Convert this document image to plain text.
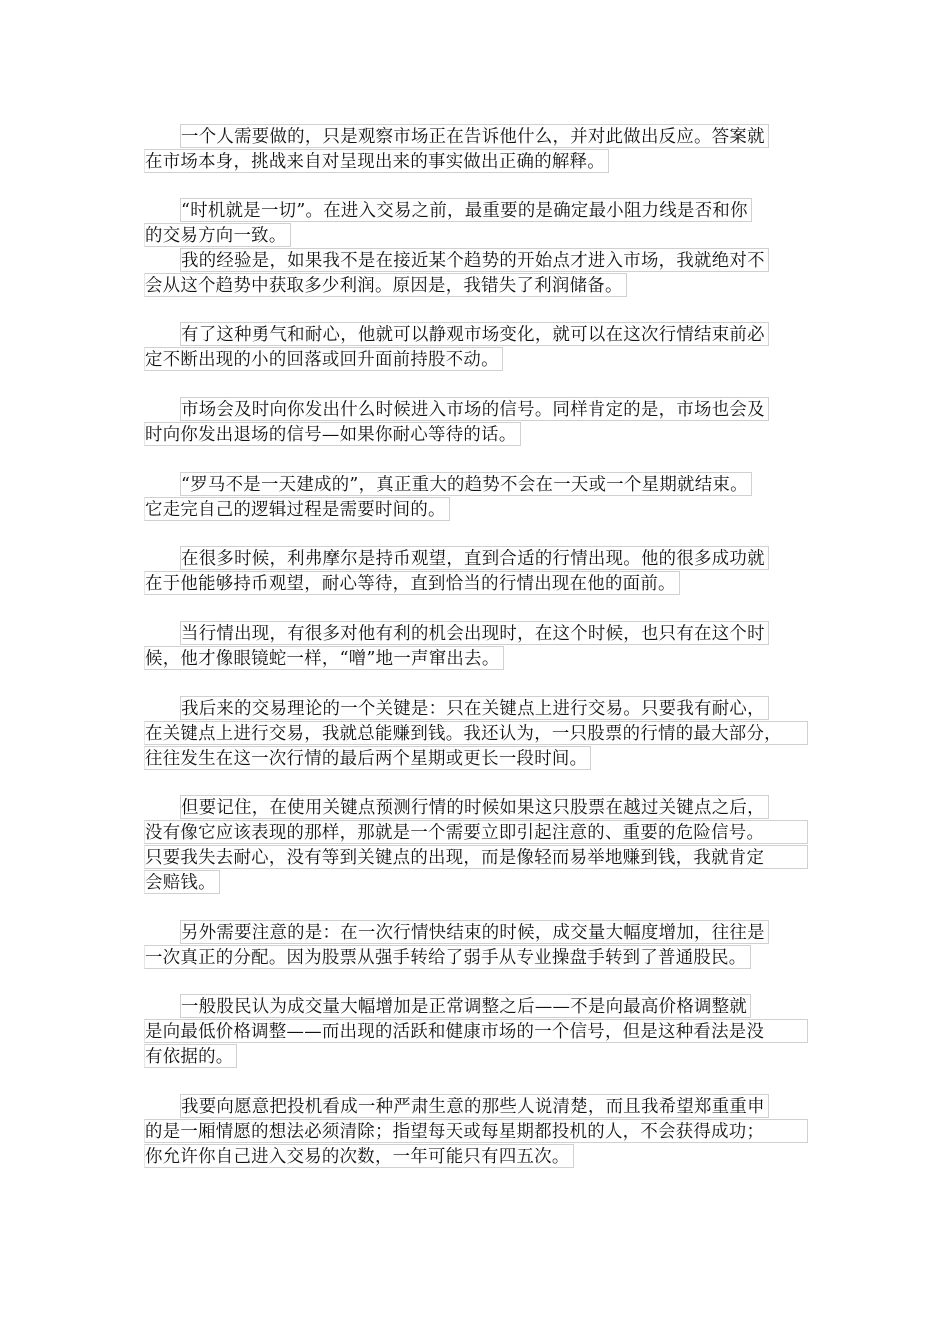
一个人需要做的，只是观察市场正在告诉他什么，并对此做出反应。答案就
在市场本身，挑战来自对呈现出来的事实做出正确的解释。
“时机就是一切”。在进入交易之前，最重要的是确定最小阻力线是否和你
的交易方向一致。
我的经验是，如果我不是在接近某个趋势的开始点才进入市场，我就绝对不
会从这个趋势中获取多少利润。原因是，我错失了利润储备。
有了这种勇气和耐心，他就可以静观市场变化，就可以在这次行情结束前必
定不断出现的小的回落或回升面前持股不动。
市场会及时向你发出什么时候进入市场的信号。同样肯定的是，市场也会及
时向你发出退场的信号—如果你耐心等待的话。
“罗马不是一天建成的”，真正重大的趋势不会在一天或一个星期就结束。
它走完自己的逻辑过程是需要时间的。
在很多时候，利弗摩尔是持币观望，直到合适的行情出现。他的很多成功就
在于他能够持币观望，耐心等待，直到恰当的行情出现在他的面前。
当行情出现，有很多对他有利的机会出现时，在这个时候，也只有在这个时
候，他才像眼镜蛇一样，“噌”地一声窜出去。
我后来的交易理论的一个关键是：只在关键点上进行交易。只要我有耐心，
在关键点上进行交易，我就总能赚到钱。我还认为，一只股票的行情的最大部分，
往往发生在这一次行情的最后两个星期或更长一段时间。
但要记住，在使用关键点预测行情的时候如果这只股票在越过关键点之后，
没有像它应该表现的那样，那就是一个需要立即引起注意的、重要的危险信号。
只要我失去耐心，没有等到关键点的出现，而是像轻而易举地赚到钱，我就肯定
会赔钱。
另外需要注意的是：在一次行情快结束的时候，成交量大幅度增加，往往是
一次真正的分配。因为股票从强手转给了弱手从专业操盘手转到了普通股民。
一般股民认为成交量大幅增加是正常调整之后——不是向最高价格调整就
是向最低价格调整——而出现的活跃和健康市场的一个信号，但是这种看法是没
有依据的。
我要向愿意把投机看成一种严肃生意的那些人说清楚，而且我希望郑重重申
的是一厢情愿的想法必须清除；指望每天或每星期都投机的人，不会获得成功；
你允许你自己进入交易的次数，一年可能只有四五次。
